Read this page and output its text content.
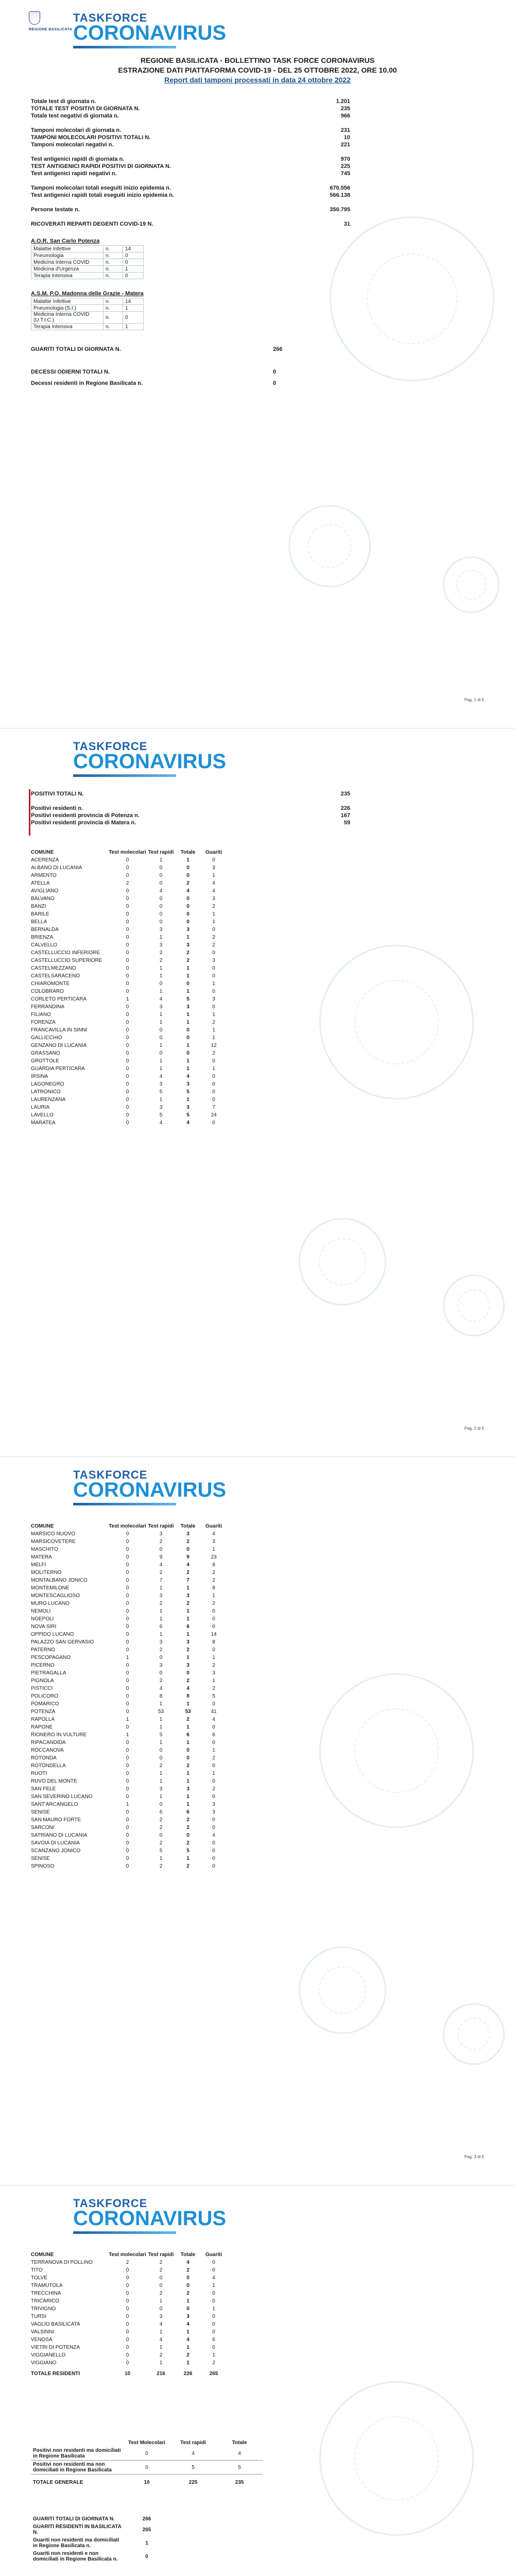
REGIONE BASILICATA
TASKFORCE
CORONAVIRUS
REGIONE BASILICATA - BOLLETTINO TASK FORCE CORONAVIRUS
ESTRAZIONE DATI PIATTAFORMA COVID-19 - DEL 25 OTTOBRE 2022, ORE 10.00
Report dati tamponi processati in data 24 ottobre 2022
Totale test di giornata n.	1.201
TOTALE TEST POSITIVI DI GIORNATA N.	235
Totale test negativi di giornata n.	966
Tamponi molecolari di giornata n.	231
TAMPONI MOLECOLARI POSITIVI TOTALI N.	10
Tamponi molecolari negativi n.	221
Test antigenici rapidi di giornata n.	970
TEST ANTIGENICI RAPIDI POSITIVI DI GIORNATA N.	225
Test antigenici rapidi negativi n.	745
Tamponi molecolari totali eseguiti inizio epidemia n.	670.556
Test antigenici rapidi totali eseguiti inizio epidemia n.	566.138
Persone testate n.	350.795
RICOVERATI REPARTI DEGENTI COVID-19 N.	31
A.O.R. San Carlo Potenza
Malattie Infettive	n.	14
Pneumologia	n.	0
Medicina Interna COVID	n.	0
Medicina d'Urgenza	n.	1
Terapia Intensiva	n.	0
A.S.M. P.O. Madonna delle Grazie - Matera
Malattie Infettive	n.	14
Pneumologia (S.I.)	n.	1
Medicina Interna COVID (U.T.I.C.)	n.	0
Terapia Intensiva	n.	1
GUARITI TOTALI DI GIORNATA N.	266
DECESSI ODIERNI TOTALI N.	0
Decessi residenti in Regione Basilicata n.	0
Pag. 1 di 5
TASKFORCE
CORONAVIRUS
POSITIVI TOTALI N.	235
Positivi residenti n.	226
Positivi residenti provincia di Potenza n.	167
Positivi residenti provincia di Matera n.	59
COMUNE	Test molecolari	Test rapidi	Totale	Guariti
ACERENZA	0	1	1	0
ALBANO DI LUCANIA	0	0	0	3
ARMENTO	0	0	0	1
ATELLA	2	0	2	4
AVIGLIANO	0	4	4	4
BALVANO	0	0	0	3
BANZI	0	0	0	2
BARILE	0	0	0	1
BELLA	0	0	0	1
BERNALDA	0	3	3	0
BRIENZA	0	1	1	2
CALVELLO	0	3	3	2
CASTELLUCCIO INFERIORE	0	2	2	0
CASTELLUCCIO SUPERIORE	0	2	2	3
CASTELMEZZANO	0	1	1	0
CASTELSARACENO	0	1	1	0
CHIAROMONTE	0	0	0	1
COLOBRARO	0	1	1	0
CORLETO PERTICARA	1	4	5	3
FERRANDINA	0	3	3	0
FILIANO	0	1	1	1
FORENZA	0	1	1	2
FRANCAVILLA IN SINNI	0	0	0	1
GALLICCHIO	0	0	0	1
GENZANO DI LUCANIA	0	1	1	12
GRASSANO	0	0	0	2
GROTTOLE	0	1	1	0
GUARDIA PERTICARA	0	1	1	1
IRSINA	0	4	4	0
LAGONEGRO	0	3	3	0
LATRONICO	0	5	5	0
LAURENZANA	0	1	1	0
LAURIA	0	3	3	7
LAVELLO	0	5	5	24
MARATEA	0	4	4	0
Pag. 2 di 5
TASKFORCE
CORONAVIRUS
COMUNE	Test molecolari	Test rapidi	Totale	Guariti
MARSICO NUOVO	0	3	3	4
MARSICOVETERE	0	2	2	3
MASCHITO	0	0	0	1
MATERA	0	9	9	23
MELFI	0	4	4	8
MOLITERNO	0	2	2	2
MONTALBANO JONICO	0	7	7	2
MONTEMILONE	0	1	1	8
MONTESCAGLIOSO	0	3	3	1
MURO LUCANO	0	2	2	2
NEMOLI	0	1	1	0
NOEPOLI	0	1	1	0
NOVA SIRI	0	6	6	0
OPPIDO LUCANO	0	1	1	14
PALAZZO SAN GERVASIO	0	3	3	8
PATERNO	0	2	2	0
PESCOPAGANO	1	0	1	1
PICERNO	0	3	3	2
PIETRAGALLA	0	0	0	3
PIGNOLA	0	2	2	1
PISTICCI	0	4	4	2
POLICORO	0	8	8	5
POMARICO	0	1	1	0
POTENZA	0	53	53	41
RAPOLLA	1	1	2	4
RAPONE	0	1	1	0
RIONERO IN VULTURE	1	5	6	6
RIPACANDIDA	0	1	1	0
ROCCANOVA	0	0	0	1
ROTONDA	0	0	0	2
ROTONDELLA	0	2	2	0
RUOTI	0	1	1	1
RUVO DEL MONTE	0	1	1	0
SAN FELE	0	3	3	2
SAN SEVERINO LUCANO	0	1	1	0
SANT'ARCANGELO	1	0	1	3
SENISE	0	6	6	3
SAN MAURO FORTE	0	2	2	0
SARCONI	0	2	2	0
SATRIANO DI LUCANIA	0	0	0	4
SAVOIA DI LUCANIA	0	2	2	0
SCANZANO JONICO	0	5	5	0
SENISE	0	1	1	0
SPINOSO	0	2	2	0
Pag. 3 di 5
TASKFORCE
CORONAVIRUS
COMUNE	Test molecolari	Test rapidi	Totale	Guariti
TERRANOVA DI POLLINO	2	2	4	0
TITO	0	2	2	0
TOLVE	0	0	0	4
TRAMUTOLA	0	0	0	1
TRECCHINA	0	2	2	0
TRICARICO	0	1	1	0
TRIVIGNO	0	0	0	1
TURSI	0	3	3	0
VAGLIO BASILICATA	0	4	4	0
VALSINNI	0	1	1	0
VENOSA	0	4	4	6
VIETRI DI POTENZA	0	1	1	0
VIGGIANELLO	0	2	2	1
VIGGIANO	0	1	1	2
TOTALE RESIDENTI	10	216	226	265
	Test Molecolari	Test rapidi	Totale
Positivi non residenti ma domiciliati in Regione Basilicata	0	4	4
Positivi non residenti ma non domiciliati in Regione Basilicata	0	5	5
TOTALE GENERALE	10	225	235
GUARITI TOTALI DI GIORNATA N.	266
GUARITI RESIDENTI IN BASILICATA N.	265
Guariti non residenti ma domiciliati in Regione Basilicata n.	1
Guariti non residenti e non domiciliati in Regione Basilicata n.	0
